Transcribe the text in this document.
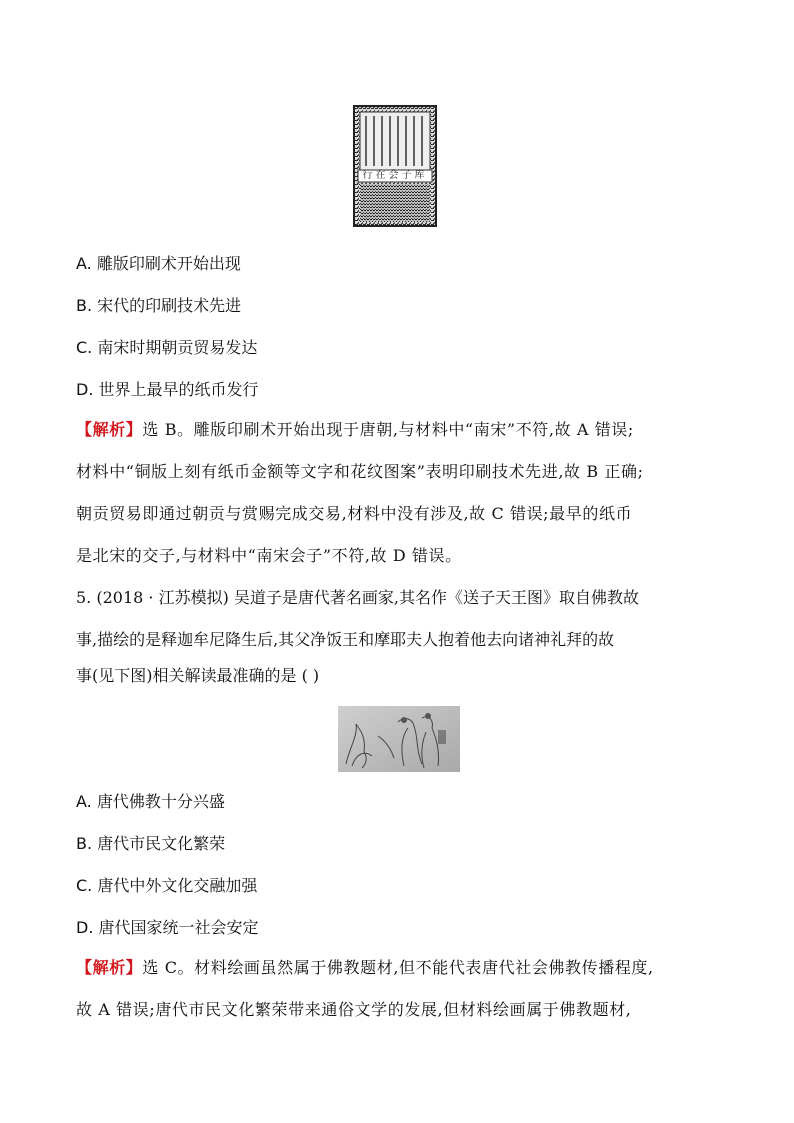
行在会子库
A. 雕版印刷术开始出现
B. 宋代的印刷技术先进
C. 南宋时期朝贡贸易发达
D. 世界上最早的纸币发行
【解析】选 B。雕版印刷术开始出现于唐朝,与材料中“南宋”不符,故 A 错误;
材料中“铜版上刻有纸币金额等文字和花纹图案”表明印刷技术先进,故 B 正确;
朝贡贸易即通过朝贡与赏赐完成交易,材料中没有涉及,故 C 错误;最早的纸币
是北宋的交子,与材料中“南宋会子”不符,故 D 错误。
5. (2018 · 江苏模拟) 吴道子是唐代著名画家,其名作《送子天王图》取自佛教故
事,描绘的是释迦牟尼降生后,其父净饭王和摩耶夫人抱着他去向诸神礼拜的故
事(见下图)相关解读最准确的是 ( )
A. 唐代佛教十分兴盛
B. 唐代市民文化繁荣
C. 唐代中外文化交融加强
D. 唐代国家统一社会安定
【解析】选 C。材料绘画虽然属于佛教题材,但不能代表唐代社会佛教传播程度,
故 A 错误;唐代市民文化繁荣带来通俗文学的发展,但材料绘画属于佛教题材,
